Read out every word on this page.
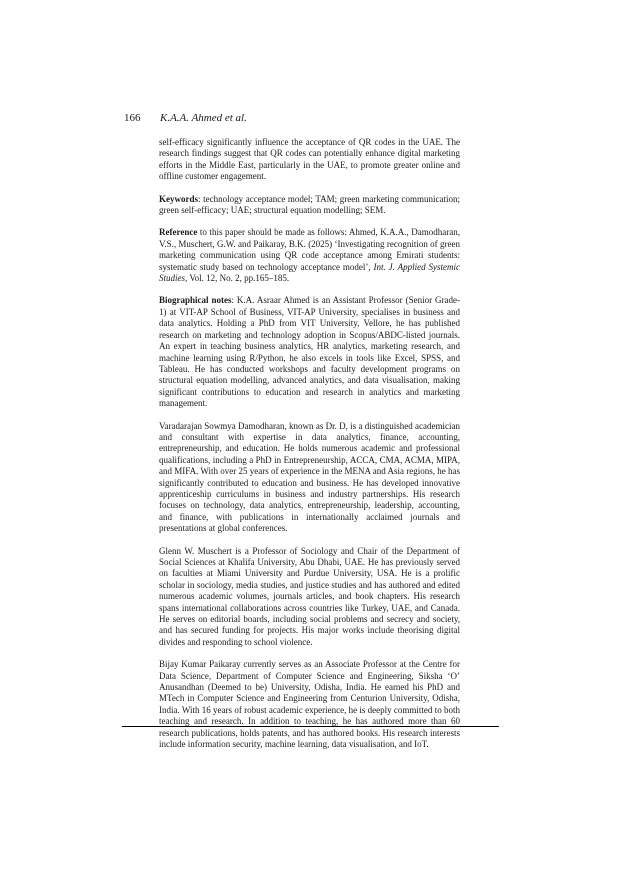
166 K.A.A. Ahmed et al.

self-efficacy significantly influence the acceptance of QR codes in the UAE. The research findings suggest that QR codes can potentially enhance digital marketing efforts in the Middle East, particularly in the UAE, to promote greater online and offline customer engagement.

Keywords: technology acceptance model; TAM; green marketing communication; green self-efficacy; UAE; structural equation modelling; SEM.

Reference to this paper should be made as follows: Ahmed, K.A.A., Damodharan, V.S., Muschert, G.W. and Paikaray, B.K. (2025) ‘Investigating recognition of green marketing communication using QR code acceptance among Emirati students: systematic study based on technology acceptance model’, Int. J. Applied Systemic Studies, Vol. 12, No. 2, pp.165–185.

Biographical notes: K.A. Asraar Ahmed is an Assistant Professor (Senior Grade-1) at VIT-AP School of Business, VIT-AP University, specialises in business and data analytics. Holding a PhD from VIT University, Vellore, he has published research on marketing and technology adoption in Scopus/ABDC-listed journals. An expert in teaching business analytics, HR analytics, marketing research, and machine learning using R/Python, he also excels in tools like Excel, SPSS, and Tableau. He has conducted workshops and faculty development programs on structural equation modelling, advanced analytics, and data visualisation, making significant contributions to education and research in analytics and marketing management.

Varadarajan Sowmya Damodharan, known as Dr. D, is a distinguished academician and consultant with expertise in data analytics, finance, accounting, entrepreneurship, and education. He holds numerous academic and professional qualifications, including a PhD in Entrepreneurship, ACCA, CMA, ACMA, MIPA, and MIFA. With over 25 years of experience in the MENA and Asia regions, he has significantly contributed to education and business. He has developed innovative apprenticeship curriculums in business and industry partnerships. His research focuses on technology, data analytics, entrepreneurship, leadership, accounting, and finance, with publications in internationally acclaimed journals and presentations at global conferences.

Glenn W. Muschert is a Professor of Sociology and Chair of the Department of Social Sciences at Khalifa University, Abu Dhabi, UAE. He has previously served on faculties at Miami University and Purdue University, USA. He is a prolific scholar in sociology, media studies, and justice studies and has authored and edited numerous academic volumes, journals articles, and book chapters. His research spans international collaborations across countries like Turkey, UAE, and Canada. He serves on editorial boards, including social problems and secrecy and society, and has secured funding for projects. His major works include theorising digital divides and responding to school violence.

Bijay Kumar Paikaray currently serves as an Associate Professor at the Centre for Data Science, Department of Computer Science and Engineering, Siksha ‘O’ Anusandhan (Deemed to be) University, Odisha, India. He earned his PhD and MTech in Computer Science and Engineering from Centurion University, Odisha, India. With 16 years of robust academic experience, he is deeply committed to both teaching and research. In addition to teaching, he has authored more than 60 research publications, holds patents, and has authored books. His research interests include information security, machine learning, data visualisation, and IoT.
